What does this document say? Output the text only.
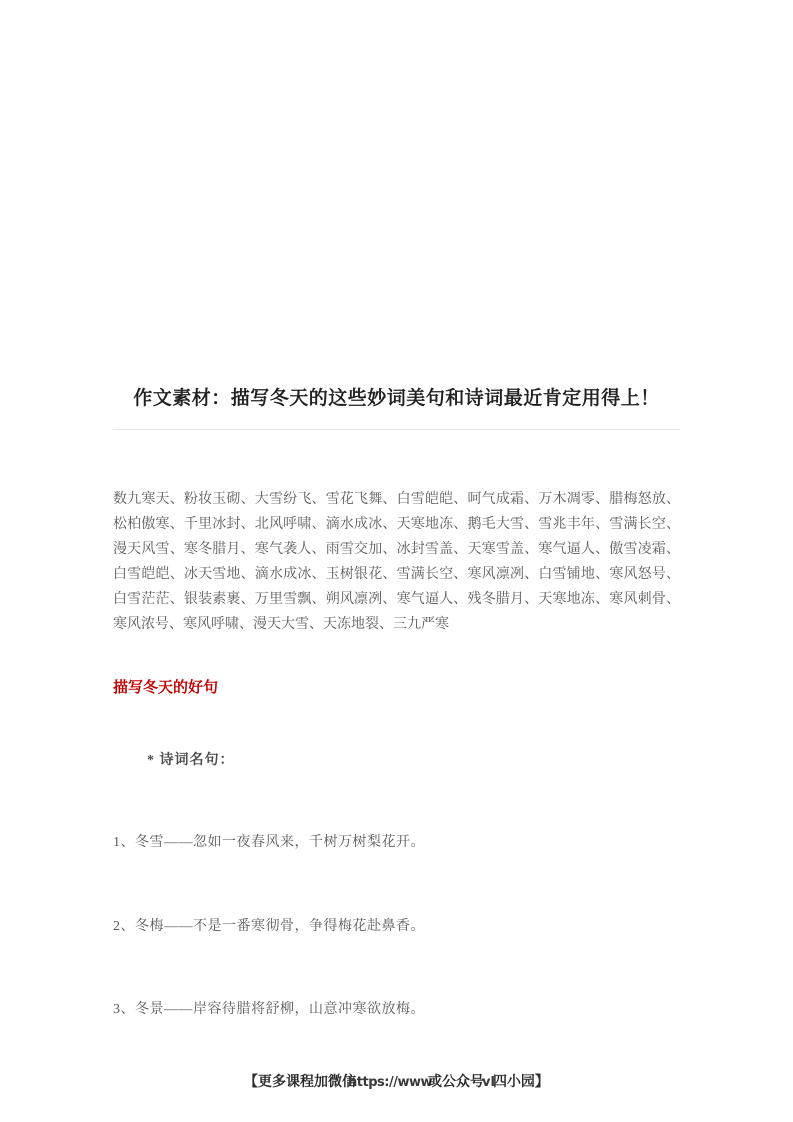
作文素材：描写冬天的这些妙词美句和诗词最近肯定用得上！
数九寒天、粉妆玉砌、大雪纷飞、雪花飞舞、白雪皑皑、呵气成霜、万木凋零、腊梅怒放、
松柏傲寒、千里冰封、北风呼啸、滴水成冰、天寒地冻、鹅毛大雪、雪兆丰年、雪满长空、
漫天风雪、寒冬腊月、寒气袭人、雨雪交加、冰封雪盖、天寒雪盖、寒气逼人、傲雪凌霜、
白雪皑皑、冰天雪地、滴水成冰、玉树银花、雪满长空、寒风凛冽、白雪铺地、寒风怒号、
白雪茫茫、银装素裹、万里雪飘、朔风凛冽、寒气逼人、残冬腊月、天寒地冻、寒风刺骨、
寒风浓号、寒风呼啸、漫天大雪、天冻地裂、三九严寒
描写冬天的好句
* 诗词名句：
1、冬雪——忽如一夜春风来，千树万树梨花开。
2、冬梅——不是一番寒彻骨，争得梅花赴鼻香。
3、冬景——岸容待腊将舒柳，山意冲寒欲放梅。
【更多课程加微信https://www或公众号vl四小园】
